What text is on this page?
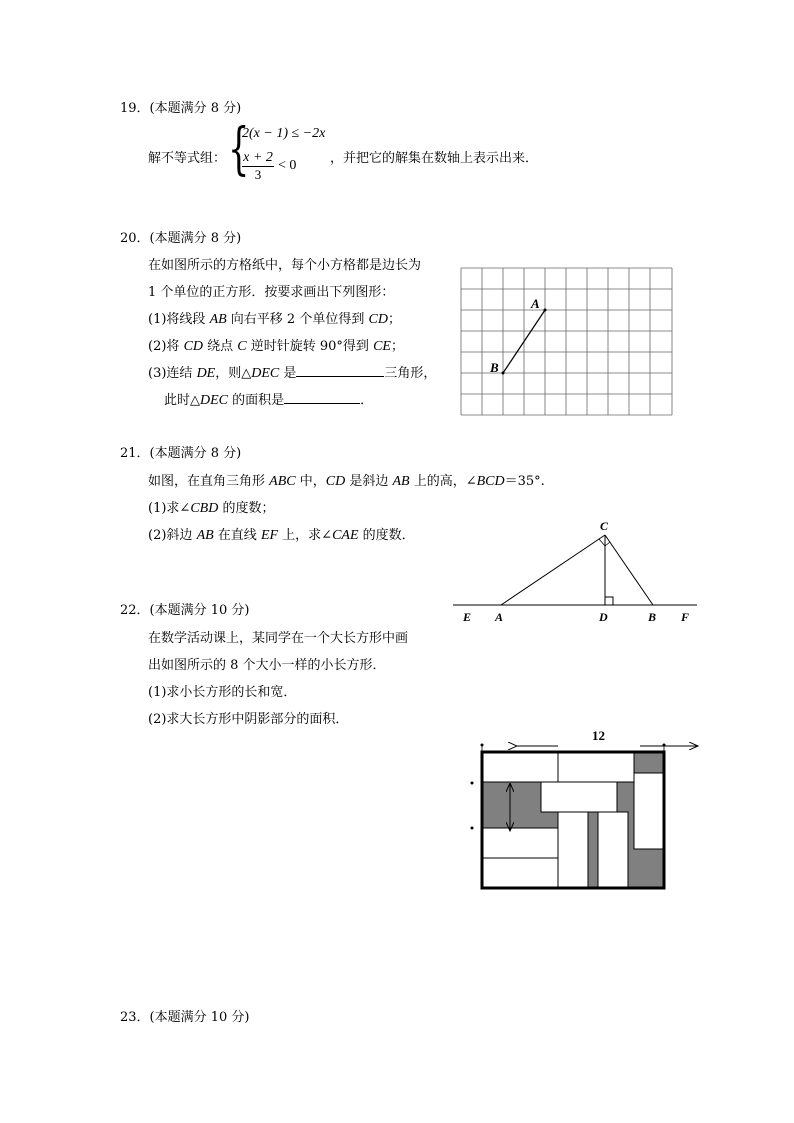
19．(本题满分 8 分)
解不等式组： {
2(x − 1) ≤ −2x
$\frac{x + 2}{3} < 0$	，并把它的解集在数轴上表示出来．
20．(本题满分 8 分)
在如图所示的方格纸中，每个小方格都是边长为
1 个单位的正方形．按要求画出下列图形：
(1)将线段 AB 向右平移 2 个单位得到 CD；
(2)将 CD 绕点 C 逆时针旋转 90°得到 CE；
(3)连结 DE，则△DEC 是	三角形，
此时△DEC 的面积是	．
A
B
21．(本题满分 8 分)
如图，在直角三角形 ABC 中，CD 是斜边 AB 上的高，∠BCD＝35°.
(1)求∠CBD 的度数；
(2)斜边 AB 在直线 EF 上，求∠CAE 的度数．
C
E A	D	B F
22．(本题满分 10 分)
在数学活动课上，某同学在一个大长方形中画
出如图所示的 8 个大小一样的小长方形．
(1)求小长方形的长和宽．
(2)求大长方形中阴影部分的面积．
12
23．(本题满分 10 分)
